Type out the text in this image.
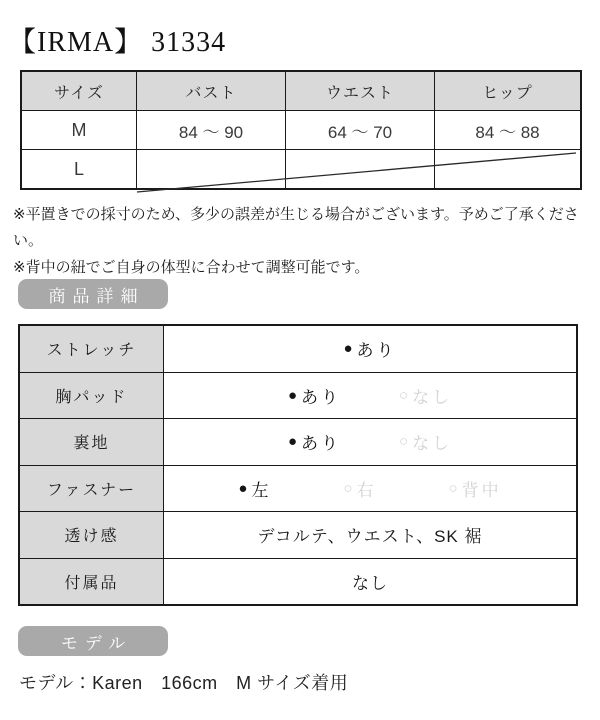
【IRMA】 31334
サイズ	バスト	ウエスト	ヒップ
M	84 ～ 90	64 ～ 70	84 ～ 88
L			
※平置きでの採寸のため、多少の誤差が生じる場合がございます。予めご了承ください。
※背中の紐でご自身の体型に合わせて調整可能です。
商品詳細
ストレッチ	● あり
胸パッド	● あり	○ なし
裏地	● あり	○ なし
ファスナー	● 左	○ 右	○ 背中
透け感	デコルテ、ウエスト、SK 裾
付属品	なし
モデル
モデル：Karen　166cm　M サイズ着用
